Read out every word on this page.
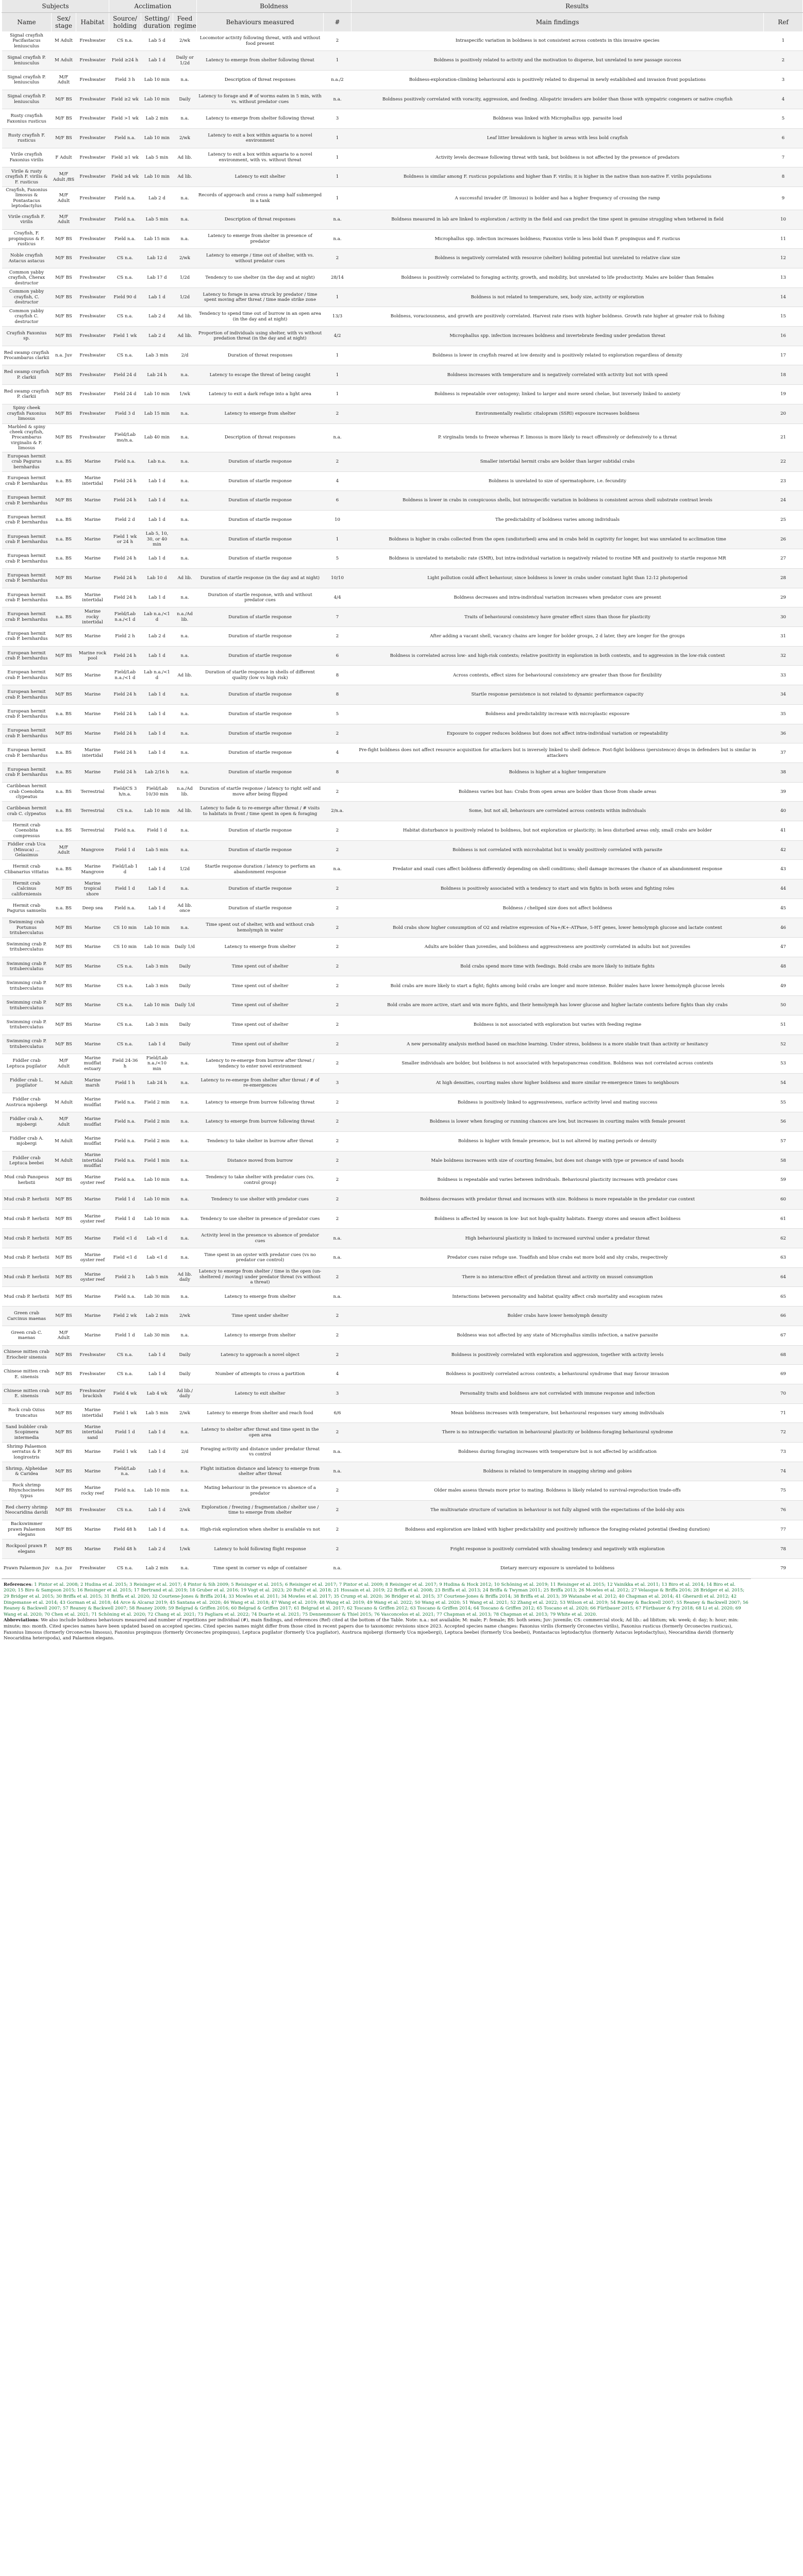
Subjects			Acclimation			Boldness		Results	
Name	Sex/ stage	Habitat	Source/ holding	Setting/ duration	Feed regime	Behaviours measured	#	Main findings	Ref
Signal crayfish Pacifastacus leniusculus	M Adult	Freshwater	CS n.a.	Lab 5 d	2/wk	Locomotor activity following threat, with and without food present	2	Intraspecific variation in boldness is not consistent across contexts in this invasive species	1
Signal crayfish P. leniusculus	M Adult	Freshwater	Field ≥24 h	Lab 1 d	Daily or 1/2d	Latency to emerge from shelter following threat	1	Boldness is positively related to activity and the motivation to disperse, but unrelated to new passage success	2
Signal crayfish P. leniusculus	M/F Adult	Freshwater	Field 3 h	Lab 10 min	n.a.	Description of threat responses	n.a./2	Boldness-exploration-climbing behavioural axis is positively related to dispersal in newly established and invasion front populations	3
Signal crayfish P. leniusculus	M/F BS	Freshwater	Field ≥2 wk	Lab 10 min	Daily	Latency to forage and # of worms eaten in 5 min, with vs. without predator cues	n.a.	Boldness positively correlated with voracity, aggression, and feeding. Allopatric invaders are bolder than those with sympatric congeners or native crayfish	4
Rusty crayfish Faxonius rusticus	M/F BS	Freshwater	Field >1 wk	Lab 2 min	n.a.	Latency to emerge from shelter following threat	3	Boldness was linked with Microphallus spp. parasite load	5
Rusty crayfish F. rusticus	M/F BS	Freshwater	Field n.a.	Lab 10 min	2/wk	Latency to exit a box within aquaria to a novel environment	1	Leaf litter breakdown is higher in areas with less bold crayfish	6
Virile crayfish Faxonius virilis	F Adult	Freshwater	Field ≥1 wk	Lab 5 min	Ad lib.	Latency to exit a box within aquaria to a novel environment, with vs. without threat	1	Activity levels decrease following threat with tank, but boldness is not affected by the presence of predators	7
Virile & rusty crayfish F. virilis & F. rusticus	M/F Adult /BS	Freshwater	Field ≥4 wk	Lab 10 min	Ad lib.	Latency to exit shelter	1	Boldness is similar among F. rusticus populations and higher than F. virilis; it is higher in the native than non-native F. virilis populations	8
Crayfish, Faxonius limosus & Pontastacus leptodactylus	M/F Adult	Freshwater	Field n.a.	Lab 2 d	n.a.	Records of approach and cross a ramp half submerged in a tank	1	A successful invader (F. limosus) is bolder and has a higher frequency of crossing the ramp	9
Virile crayfish F. virilis	M/F Adult	Freshwater	Field n.a.	Lab 5 min	n.a.	Description of threat responses	n.a.	Boldness measured in lab are linked to exploration / activity in the field and can predict the time spent in genuine struggling when tethered in field	10
Crayfish, F. propinquus & F. rusticus	M/F BS	Freshwater	Field n.a.	Lab 15 min	n.a.	Latency to emerge from shelter in presence of predator	n.a.	Microphallus spp. infection increases boldness; Faxonius virile is less bold than F. propinquus and F. rusticus	11
Noble crayfish Astacus astacus	M/F BS	Freshwater	CS n.a.	Lab 12 d	2/wk	Latency to emerge / time out of shelter, with vs. without predator cues	2	Boldness is negatively correlated with resource (shelter) holding potential but unrelated to relative claw size	12
Common yabby crayfish, Cherax destructor	M/F BS	Freshwater	CS n.a.	Lab 17 d	1/2d	Tendency to use shelter (in the day and at night)	28/14	Boldness is positively correlated to foraging activity, growth, and mobility, but unrelated to life productivity. Males are bolder than females	13
Common yabby crayfish, C. destructor	M/F BS	Freshwater	Field 90 d	Lab 1 d	1/2d	Latency to forage in area struck by predator / time spent moving after threat / time made strike zone	1	Boldness is not related to temperature, sex, body size, activity or exploration	14
Common yabby crayfish C. destructor	M/F BS	Freshwater	CS n.a.	Lab 2 d	Ad lib.	Tendency to spend time out of burrow in an open area (in the day and at night)	13/3	Boldness, voraciousness, and growth are positively correlated. Harvest rate rises with higher boldness. Growth rate higher at greater risk to fishing	15
Crayfish Faxonius sp.	M/F BS	Freshwater	Field 1 wk	Lab 2 d	Ad lib.	Proportion of individuals using shelter, with vs without predation threat (in the day and at night)	4/2	Microphallus spp. infection increases boldness and invertebrate feeding under predation threat	16
Red swamp crayfish Procambarus clarkii	n.a. Juv	Freshwater	CS n.a.	Lab 3 min	2/d	Duration of threat responses	1	Boldness is lower in crayfish reared at low density and is positively related to exploration regardless of density	17
Red swamp crayfish P. clarkii	M/F BS	Freshwater	Field 24 d	Lab 24 h	n.a.	Latency to escape the threat of being caught	1	Boldness increases with temperature and is negatively correlated with activity but not with speed	18
Red swamp crayfish P. clarkii	M/F BS	Freshwater	Field 24 d	Lab 10 min	1/wk	Latency to exit a dark refuge into a light area	1	Boldness is repeatable over ontogeny; linked to larger and more sexed chelae, but inversely linked to anxiety	19
Spiny cheek crayfish Faxonius limosus	M/F BS	Freshwater	Field 3 d	Lab 15 min	n.a.	Latency to emerge from shelter	2	Environmentally realistic citalopram (SSRI) exposure increases boldness	20
Marbled & spiny cheek crayfish, Procambarus virginalis & F. limosus	M/F BS	Freshwater	Field/Lab mo/n.a.	Lab 40 min	n.a.	Description of threat responses	n.a.	P. virginalis tends to freeze whereas F. limosus is more likely to react offensively or defensively to a threat	21
European hermit crab Pagurus bernhardus	n.a. BS	Marine	Field n.a.	Lab n.a.	n.a.	Duration of startle response	2	Smaller intertidal hermit crabs are bolder than larger subtidal crabs	22
European hermit crab P. bernhardus	n.a. BS	Marine intertidal	Field 24 h	Lab 1 d	n.a.	Duration of startle response	4	Boldness is unrelated to size of spermatophore, i.e. fecundity	23
European hermit crab P. bernhardus	M/F BS	Marine	Field 24 h	Lab 1 d	n.a.	Duration of startle response	6	Boldness is lower in crabs in conspicuous shells, but intraspecific variation in boldness is consistent across shell substrate contrast levels	24
European hermit crab P. bernhardus	n.a. BS	Marine	Field 2 d	Lab 1 d	n.a.	Duration of startle response	10	The predictability of boldness varies among individuals	25
European hermit crab P. bernhardus	n.a. BS	Marine	Field 1 wk or 24 h	Lab 5, 10, 30, or 40 min	n.a.	Duration of startle response	1	Boldness is higher in crabs collected from the open (undisturbed) area and in crabs held in captivity for longer, but was unrelated to acclimation time	26
European hermit crab P. bernhardus	n.a. BS	Marine	Field 24 h	Lab 1 d	n.a.	Duration of startle response	5	Boldness is unrelated to metabolic rate (SMR), but intra-individual variation is negatively related to routine MR and positively to startle response MR	27
European hermit crab P. bernhardus	M/F BS	Marine	Field 24 h	Lab 10 d	Ad lib.	Duration of startle response (in the day and at night)	10/10	Light pollution could affect behaviour, since boldness is lower in crabs under constant light than 12:12 photoperiod	28
European hermit crab P. bernhardus	n.a. BS	Marine intertidal	Field 24 h	Lab 1 d	n.a.	Duration of startle response, with and without predator cues	4/4	Boldness decreases and intra-individual variation increases when predator cues are present	29
European hermit crab P. bernhardus	n.a. BS	Marine rocky intertidal	Field/Lab n.a./<1 d	Lab n.a./<1 d	n.a./Ad lib.	Duration of startle response	7	Traits of behavioural consistency have greater effect sizes than those for plasticity	30
European hermit crab P. bernhardus	M/F BS	Marine	Field 2 h	Lab 2 d	n.a.	Duration of startle response	2	After adding a vacant shell, vacancy chains are longer for bolder groups, 2 d later, they are longer for the groups	31
European hermit crab P. bernhardus	M/F BS	Marine rock pool	Field 24 h	Lab 1 d	n.a.	Duration of startle response	6	Boldness is correlated across low- and high-risk contexts; relative positivity in exploration in both contexts, and to aggression in the low-risk context	32
European hermit crab P. bernhardus	M/F BS	Marine	Field/Lab n.a./<1 d	Lab n.a./<1 d	Ad lib.	Duration of startle response in shells of different quality (low vs high risk)	8	Across contexts, effect sizes for behavioural consistency are greater than those for flexibility	33
European hermit crab P. bernhardus	M/F BS	Marine	Field 24 h	Lab 1 d	n.a.	Duration of startle response	8	Startle response persistence is not related to dynamic performance capacity	34
European hermit crab P. bernhardus	n.a. BS	Marine	Field 24 h	Lab 1 d	n.a.	Duration of startle response	5	Boldness and predictability increase with microplastic exposure	35
European hermit crab P. bernhardus	M/F BS	Marine	Field 24 h	Lab 1 d	n.a.	Duration of startle response	2	Exposure to copper reduces boldness but does not affect intra-individual variation or repeatability	36
European hermit crab P. bernhardus	n.a. BS	Marine intertidal	Field 24 h	Lab 1 d	n.a.	Duration of startle response	4	Pre-fight boldness does not affect resource acquisition for attackers but is inversely linked to shell defence. Post-fight boldness (persistence) drops in defenders but is similar in attackers	37
European hermit crab P. bernhardus	n.a. BS	Marine	Field 24 h	Lab 2/16 h	n.a.	Duration of startle response	8	Boldness is higher at a higher temperature	38
Caribbean hermit crab Coenobita clypeatus	n.a. BS	Terrestrial	Field/CS 3 h/n.a.	Field/Lab 10/30 min	n.a./Ad lib.	Duration of startle response / latency to right self and move after being flipped	2	Boldness varies but has: Crabs from open areas are bolder than those from shade areas	39
Caribbean hermit crab C. clypeatus	n.a. BS	Terrestrial	CS n.a.	Lab 10 min	Ad lib.	Latency to fade & to re-emerge after threat / # visits to habitats in front / time spent in open & foraging	2/n.a.	Some, but not all, behaviours are correlated across contexts within individuals	40
Hermit crab Coenobita compressus	n.a. BS	Terrestrial	Field n.a.	Field 1 d	n.a.	Duration of startle response	2	Habitat disturbance is positively related to boldness, but not exploration or plasticity; in less disturbed areas only, small crabs are bolder	41
Fiddler crab Uca (Minuca) ... Gelasimus	M/F Adult	Mangrove	Field 1 d	Lab 5 min	n.a.	Duration of startle response	2	Boldness is not correlated with microhabitat but is weakly positively correlated with parasite	42
Hermit crab Clibanarius vittatus	n.a. BS	Marine Mangrove	Field/Lab 1 d	Lab 1 d	1/2d	Startle response duration / latency to perform an abandonment response	n.a.	Predator and snail cues affect boldness differently depending on shell conditions; shell damage increases the chance of an abandonment response	43
Hermit crab Calcinus californiensis	M/F BS	Marine tropical shore	Field 1 d	Lab 1 d	n.a.	Duration of startle response	2	Boldness is positively associated with a tendency to start and win fights in both sexes and fighting roles	44
Hermit crab Pagurus samuelis	n.a. BS	Deep sea	Field n.a.	Lab 1 d	Ad lib. once	Duration of startle response	2	Boldness / cheliped size does not affect boldness	45
Swimming crab Portunus trituberculatus	M/F BS	Marine	CS 10 min	Lab 10 min	n.a.	Time spent out of shelter, with and without crab hemolymph in water	2	Bold crabs show higher consumption of O2 and relative expression of Na+/K+-ATPase, 5-HT genes, lower hemolymph glucose and lactate content	46
Swimming crab P. trituberculatus	M/F BS	Marine	CS 10 min	Lab 10 min	Daily 1/d	Latency to emerge from shelter	2	Adults are bolder than juveniles, and boldness and aggressiveness are positively correlated in adults but not juveniles	47
Swimming crab P. trituberculatus	M/F BS	Marine	CS n.a.	Lab 3 min	Daily	Time spent out of shelter	2	Bold crabs spend more time with feedings. Bold crabs are more likely to initiate fights	48
Swimming crab P. trituberculatus	M/F BS	Marine	CS n.a.	Lab 3 min	Daily	Time spent out of shelter	2	Bold crabs are more likely to start a fight; fights among bold crabs are longer and more intense. Bolder males have lower hemolymph glucose levels	49
Swimming crab P. trituberculatus	M/F BS	Marine	CS n.a.	Lab 10 min	Daily 1/d	Time spent out of shelter	2	Bold crabs are more active, start and win more fights, and their hemolymph has lower glucose and higher lactate contents before fights than shy crabs	50
Swimming crab P. trituberculatus	M/F BS	Marine	CS n.a.	Lab 3 min	Daily	Time spent out of shelter	2	Boldness is not associated with exploration but varies with feeding regime	51
Swimming crab P. trituberculatus	M/F BS	Marine	CS n.a.	Lab 1 d	Daily	Time spent out of shelter	2	A new personality analysis method based on machine learning. Under stress, boldness is a more stable trait than activity or hesitancy	52
Fiddler crab Leptuca pugilator	M/F Adult	Marine mudflat estuary	Field 24-36 h	Field/Lab n.a./<10 min	n.a.	Latency to re-emerge from burrow after threat / tendency to enter novel environment	2	Smaller individuals are bolder, but boldness is not associated with hepatopancreas condition. Boldness was not correlated across contexts	53
Fiddler crab L. pugilator	M Adult	Marine marsh	Field 1 h	Lab 24 h	n.a.	Latency to re-emerge from shelter after threat / # of re-emergences	3	At high densities, courting males show higher boldness and more similar re-emergence times to neighbours	54
Fiddler crab Austruca mjobergi	M Adult	Marine mudflat	Field n.a.	Field 2 min	n.a.	Latency to emerge from burrow following threat	2	Boldness is positively linked to aggressiveness, surface activity level and mating success	55
Fiddler crab A. mjobergi	M/F Adult	Marine mudflat	Field n.a.	Field 2 min	n.a.	Latency to emerge from burrow following threat	2	Boldness is lower when foraging or running chances are low, but increases in courting males with female present	56
Fiddler crab A. mjobergi	M Adult	Marine mudflat	Field n.a.	Field 2 min	n.a.	Tendency to take shelter in burrow after threat	2	Boldness is higher with female presence, but is not altered by mating periods or density	57
Fiddler crab Leptuca beebei	M Adult	Marine intertidal mudflat	Field n.a.	Field 1 min	n.a.	Distance moved from burrow	2	Male boldness increases with size of courting females, but does not change with type or presence of sand hoods	58
Mud crab Panopeus herbstii	M/F BS	Marine oyster reef	Field n.a.	Lab 10 min	n.a.	Tendency to take shelter with predator cues (vs. control group)	2	Boldness is repeatable and varies between individuals. Behavioural plasticity increases with predator cues	59
Mud crab P. herbstii	M/F BS	Marine	Field 1 d	Lab 10 min	n.a.	Tendency to use shelter with predator cues	2	Boldness decreases with predator threat and increases with size. Boldness is more repeatable in the predator cue context	60
Mud crab P. herbstii	M/F BS	Marine oyster reef	Field 1 d	Lab 10 min	n.a.	Tendency to use shelter in presence of predator cues	2	Boldness is affected by season in low- but not high-quality habitats. Energy stores and season affect boldness	61
Mud crab P. herbstii	M/F BS	Marine	Field <1 d	Lab <1 d	n.a.	Activity level in the presence vs absence of predator cues	n.a.	High behavioural plasticity is linked to increased survival under a predator threat	62
Mud crab P. herbstii	M/F BS	Marine oyster reef	Field <1 d	Lab <1 d	n.a.	Time spent in an oyster with predator cues (vs no predator cue control)	n.a.	Predator cues raise refuge use. Toadfish and blue crabs eat more bold and shy crabs, respectively	63
Mud crab P. herbstii	M/F BS	Marine oyster reef	Field 2 h	Lab 5 min	Ad lib. daily	Latency to emerge from shelter / time in the open (un-sheltered / moving) under predator threat (vs without a threat)	2	There is no interactive effect of predation threat and activity on mussel consumption	64
Mud crab P. herbstii	M/F BS	Marine	Field n.a.	Lab 30 min	n.a.	Latency to emerge from shelter	n.a.	Interactions between personality and habitat quality affect crab mortality and escapism rates	65
Green crab Carcinus maenas	M/F BS	Marine	Field 2 wk	Lab 2 min	2/wk	Time spent under shelter	2	Bolder crabs have lower hemolymph density	66
Green crab C. maenas	M/F Adult	Marine	Field 1 d	Lab 30 min	n.a.	Latency to emerge from shelter	2	Boldness was not affected by any state of Microphallus similis infection, a native parasite	67
Chinese mitten crab Eriocheir sinensis	M/F BS	Freshwater	CS n.a.	Lab 1 d	Daily	Latency to approach a novel object	2	Boldness is positively correlated with exploration and aggression, together with activity levels	68
Chinese mitten crab E. sinensis	M/F BS	Freshwater	CS n.a.	Lab 1 d	Daily	Number of attempts to cross a partition	4	Boldness is positively correlated across contexts; a behavioural syndrome that may favour invasion	69
Chinese mitten crab E. sinensis	M/F BS	Freshwater brackish	Field 4 wk	Lab 4 wk	Ad lib./ daily	Latency to exit shelter	3	Personality traits and boldness are not correlated with immune response and infection	70
Rock crab Ozius truncatus	M/F BS	Marine intertidal	Field 1 wk	Lab 5 min	2/wk	Latency to emerge from shelter and reach food	6/6	Mean boldness increases with temperature, but behavioural responses vary among individuals	71
Sand bubbler crab Scopimera intermedia	M/F BS	Marine intertidal sand	Field 1 d	Lab 1 d	n.a.	Latency to shelter after threat and time spent in the open area	2	There is no intraspecific variation in behavioural plasticity or boldness-foraging behavioural syndrome	72
Shrimp Palaemon serratus & P. longirostris	M/F BS	Marine	Field 1 wk	Lab 1 d	2/d	Foraging activity and distance under predator threat vs control	n.a.	Boldness during foraging increases with temperature but is not affected by acidification	73
Shrimp, Alpheidae & Caridea	M/F BS	Marine	Field/Lab n.a.	Lab 1 d	n.a.	Flight initiation distance and latency to emerge from shelter after threat	n.a.	Boldness is related to temperature in snapping shrimp and gobies	74
Rock shrimp Rhynchocinetes typus	M/F BS	Marine rocky reef	Field n.a.	Lab 10 min	n.a.	Mating behaviour in the presence vs absence of a predator	2	Older males assess threats more prior to mating. Boldness is likely related to survival-reproduction trade-offs	75
Red cherry shrimp Neocaridina davidi	M/F BS	Freshwater	CS n.a.	Lab 1 d	2/wk	Exploration / freezing / fragmentation / shelter use / time to emerge from shelter	2	The multivariate structure of variation in behaviour is not fully aligned with the expectations of the bold-shy axis	76
Backswimmer prawn Palaemon elegans	M/F BS	Marine	Field 48 h	Lab 1 d	n.a.	High-risk exploration when shelter is available vs not	2	Boldness and exploration are linked with higher predictability and positively influence the foraging-related potential (feeding duration)	77
Rockpool prawn P. elegans	M/F BS	Marine	Field 48 h	Lab 2 d	1/wk	Latency to hold following flight response	2	Fright response is positively correlated with shoaling tendency and negatively with exploration	78
Prawn Palaemon Juv	n.a. Juv	Freshwater	CS n.a.	Lab 2 min	n.a.	Time spent in corner vs edge of container	n.a.	Dietary mercury exposure is unrelated to boldness	79

References: 1 Pintor et al. 2008; 2 Hudina et al. 2015; 3 Reisinger et al. 2017; 4 Pintor & Sih 2009; 5 Reisinger et al. 2015; 6 Reisinger et al. 2017; 7 Pintor et al. 2009; 8 Reisinger et al. 2017; 9 Hudina & Hock 2012; 10 Schöning et al. 2019; 11 Reisinger et al. 2015; 12 Vainikka et al. 2011; 13 Biro et al. 2014; 14 Biro et al. 2020; 15 Biro & Sampson 2015; 16 Reisinger et al. 2015; 17 Bertrand et al. 2019; 18 Gruber et al. 2016; 19 Vogt et al. 2023; 20 Buřič et al. 2018; 21 Hossain et al. 2019; 22 Briffa et al. 2008; 23 Briffa et al. 2013; 24 Briffa & Twyman 2011; 25 Briffa 2013; 26 Mowles et al. 2012; 27 Velasque & Briffa 2016; 28 Bridger et al. 2015; 29 Bridger et al. 2015; 30 Briffa et al. 2015; 31 Briffa et al. 2020; 32 Courtene-Jones & Briffa 2014; 33 Mowles et al. 2011; 34 Mowles et al. 2017; 35 Crump et al. 2020; 36 Bridger et al. 2015; 37 Courtene-Jones & Briffa 2014; 38 Briffa et al. 2013; 39 Watanabe et al. 2012; 40 Chapman et al. 2014; 41 Gherardi et al. 2012; 42 Dingemanse et al. 2014; 43 Gorman et al. 2018; 44 Arce & Alcaraz 2019; 45 Santana et al. 2020; 46 Wang et al. 2018; 47 Wang et al. 2019; 48 Wang et al. 2019; 49 Wang et al. 2022; 50 Wang et al. 2020; 51 Wang et al. 2021; 52 Zhang et al. 2022; 53 Wilson et al. 2019; 54 Reaney & Backwell 2007; 55 Reaney & Backwell 2007; 56 Reaney & Backwell 2007; 57 Reaney & Backwell 2007; 58 Reaney 2009; 59 Belgrad & Griffen 2016; 60 Belgrad & Griffen 2017; 61 Belgrad et al. 2017; 62 Toscano & Griffen 2012; 63 Toscano & Griffen 2014; 64 Toscano & Griffen 2012; 65 Toscano et al. 2020; 66 Fürtbauer 2015; 67 Fürtbauer & Fry 2018; 68 Li et al. 2020; 69 Wang et al. 2020; 70 Chen et al. 2021; 71 Schöning et al. 2020; 72 Chang et al. 2021; 73 Pagliara et al. 2022; 74 Duarte et al. 2021; 75 Dennenmoser & Thiel 2015; 76 Vasconcelos et al. 2021; 77 Chapman et al. 2013; 78 Chapman et al. 2013; 79 White et al. 2020.

Abbreviations: We also include boldness behaviours measured and number of repetitions per individual (#), main findings, and references (Ref) cited at the bottom of the Table. Note: n.a.: not available; M: male; F: female; BS: both sexes; Juv: juvenile; CS: commercial stock; Ad lib.: ad libitum; wk: week; d: day; h: hour; min: minute; mo: month. Cited species names have been updated based on accepted species. Cited species names might differ from those cited in recent papers due to taxonomic revisions since 2023. Accepted species name changes: Faxonius virilis (formerly Orconectes virilis), Faxonius rusticus (formerly Orconectes rusticus), Faxonius limosus (formerly Orconectes limosus), Faxonius propinquus (formerly Orconectes propinquus), Leptuca pugilator (formerly Uca pugilator), Austruca mjobergi (formerly Uca mjoebergi), Leptuca beebei (formerly Uca beebei), Pontastacus leptodactylus (formerly Astacus leptodactylus), Neocaridina davidi (formerly Neocaridina heteropoda), and Palaemon elegans.
